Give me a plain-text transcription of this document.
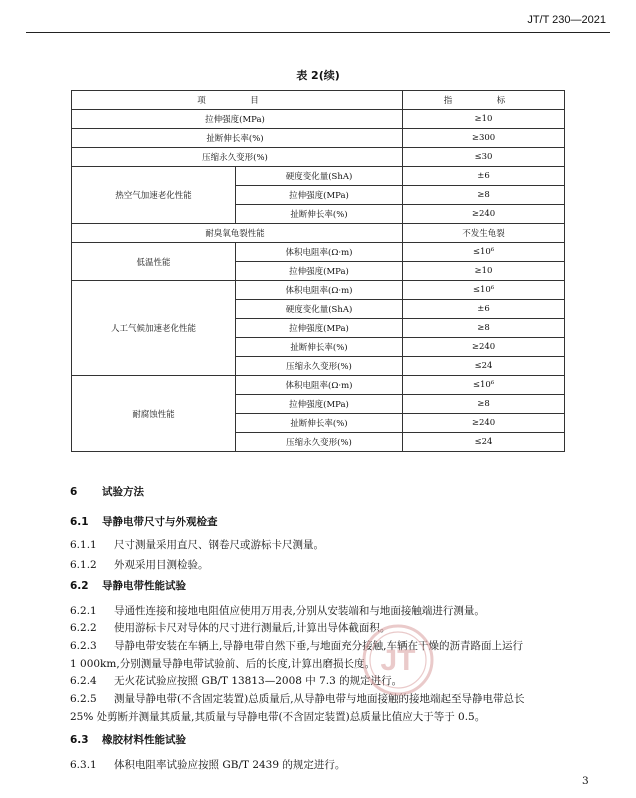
JT/T 230—2021
表 2(续)
项　目		指　标
拉伸强度(MPa)		≥10
扯断伸长率(%)		≥300
压缩永久变形(%)		≤30
热空气加速老化性能	硬度变化量(ShA)	±6
	拉伸强度(MPa)	≥8
	扯断伸长率(%)	≥240
耐臭氧龟裂性能		不发生龟裂
低温性能	体积电阻率(Ω·m)	≤10⁶
	拉伸强度(MPa)	≥10
人工气候加速老化性能	体积电阻率(Ω·m)	≤10⁶
	硬度变化量(ShA)	±6
	拉伸强度(MPa)	≥8
	扯断伸长率(%)	≥240
	压缩永久变形(%)	≤24
耐腐蚀性能	体积电阻率(Ω·m)	≤10⁶
	拉伸强度(MPa)	≥8
	扯断伸长率(%)	≥240
	压缩永久变形(%)	≤24
6 试验方法
6.1 导静电带尺寸与外观检查
6.1.1 尺寸测量采用直尺、钢卷尺或游标卡尺测量。
6.1.2 外观采用目测检验。
6.2 导静电带性能试验
6.2.1 导通性连接和接地电阻值应使用万用表,分别从安装端和与地面接触端进行测量。
6.2.2 使用游标卡尺对导体的尺寸进行测量后,计算出导体截面积。
6.2.3 导静电带安装在车辆上,导静电带自然下垂,与地面充分接触,车辆在干燥的沥青路面上运行
1 000km,分别测量导静电带试验前、后的长度,计算出磨损长度。
6.2.4 无火花试验应按照 GB/T 13813—2008 中 7.3 的规定进行。
6.2.5 测量导静电带(不含固定装置)总质量后,从导静电带与地面接触的接地端起至导静电带总长
25% 处剪断并测量其质量,其质量与导静电带(不含固定装置)总质量比值应大于等于 0.5。
6.3 橡胶材料性能试验
6.3.1 体积电阻率试验应按照 GB/T 2439 的规定进行。
3
JT
